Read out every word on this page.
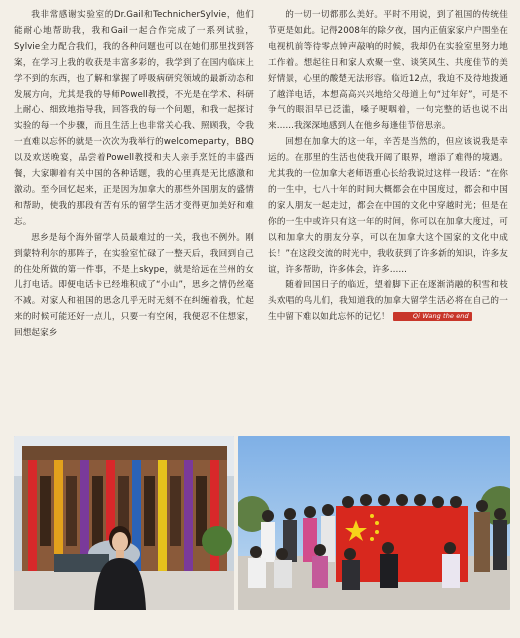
我非常感谢实验室的Dr.Gail和TechnicherSylvie，他们能耐心地帮助我，我和Gail一起合作完成了一系列试验，Sylvie全力配合我们，我的各种问题也可以在她们那里找到答案，在学习上我的收获是丰富多彩的，我学到了在国内临床上学不到的东西，也了解和掌握了呼吸病研究领域的最新动态和发展方向，尤其是我的导师Powell教授，不光是在学术、科研上耐心、细致地指导我，回答我的每一个问题，和我一起探讨实验的每一个步骤，而且生活上也非常关心我、照顾我，令我一直难以忘怀的就是一次次为我举行的welcomeparty，BBQ以及欢送晚宴，品尝着Powell教授和夫人亲手烹饪的丰盛西餐，大家聊着有关中国的各种话题，我的心里真是无比感激和激动。至今回忆起来，正是因为加拿大的那些外国朋友的盛情和帮助，使我的那段有苦有乐的留学生活才变得更加美好和难忘。

思乡是每个海外留学人员最难过的一关，我也不例外。刚到蒙特利尔的那阵子，在实验室忙碌了一整天后，我回到自己的住处所做的第一件事，不是上skype，就是给远在兰州的女儿打电话。即便电话卡已经堆积成了“小山”，思乡之情仍丝毫不减。对家人和祖国的思念几乎无时无刻不在纠缠着我，忙起来的时候可能还好一点儿，只要一有空闲，我便忍不住想家，回想起家乡

的一切一切都那么美好。平时不用说，到了祖国的传统佳节更是如此。记得2008年的除夕夜，国内正值家家户户围坐在电视机前等待零点钟声敲响的时候，我却仍在实验室里努力地工作着。想起往日和家人欢聚一堂、谈笑风生、共度佳节的美好情景，心里的酸楚无法形容。临近12点，我迫不及待地拨通了越洋电话，本想高高兴兴地给父母道上句“过年好”，可是不争气的眼泪早已泛滥，嗓子哽咽着，一句完整的话也说不出来……我深深地感到人在他乡每逢佳节倍思亲。

回想在加拿大的这一年，辛苦是当然的，但应该说我是幸运的。在那里的生活也使我开阔了眼界，增添了难得的境遇。尤其我的一位加拿大老师语重心长给我说过这样一段话：“在你的一生中，七八十年的时间大概都会在中国度过，都会和中国的家人朋友一起走过，都会在中国的文化中穿越时光；但是在你的一生中或许只有这一年的时间，你可以在加拿大度过，可以和加拿大的朋友分享，可以在加拿大这个国家的文化中成长！”在这段交流的时光中，我收获到了许多新的知识，许多友谊，许多帮助，许多体会，许多……

随着回国日子的临近，望着脚下正在逐渐消融的积雪和枝头欢唱的鸟儿们，我知道我的加拿大留学生活必将在自己的一生中留下难以如此忘怀的记忆！	Qi Wang the end
